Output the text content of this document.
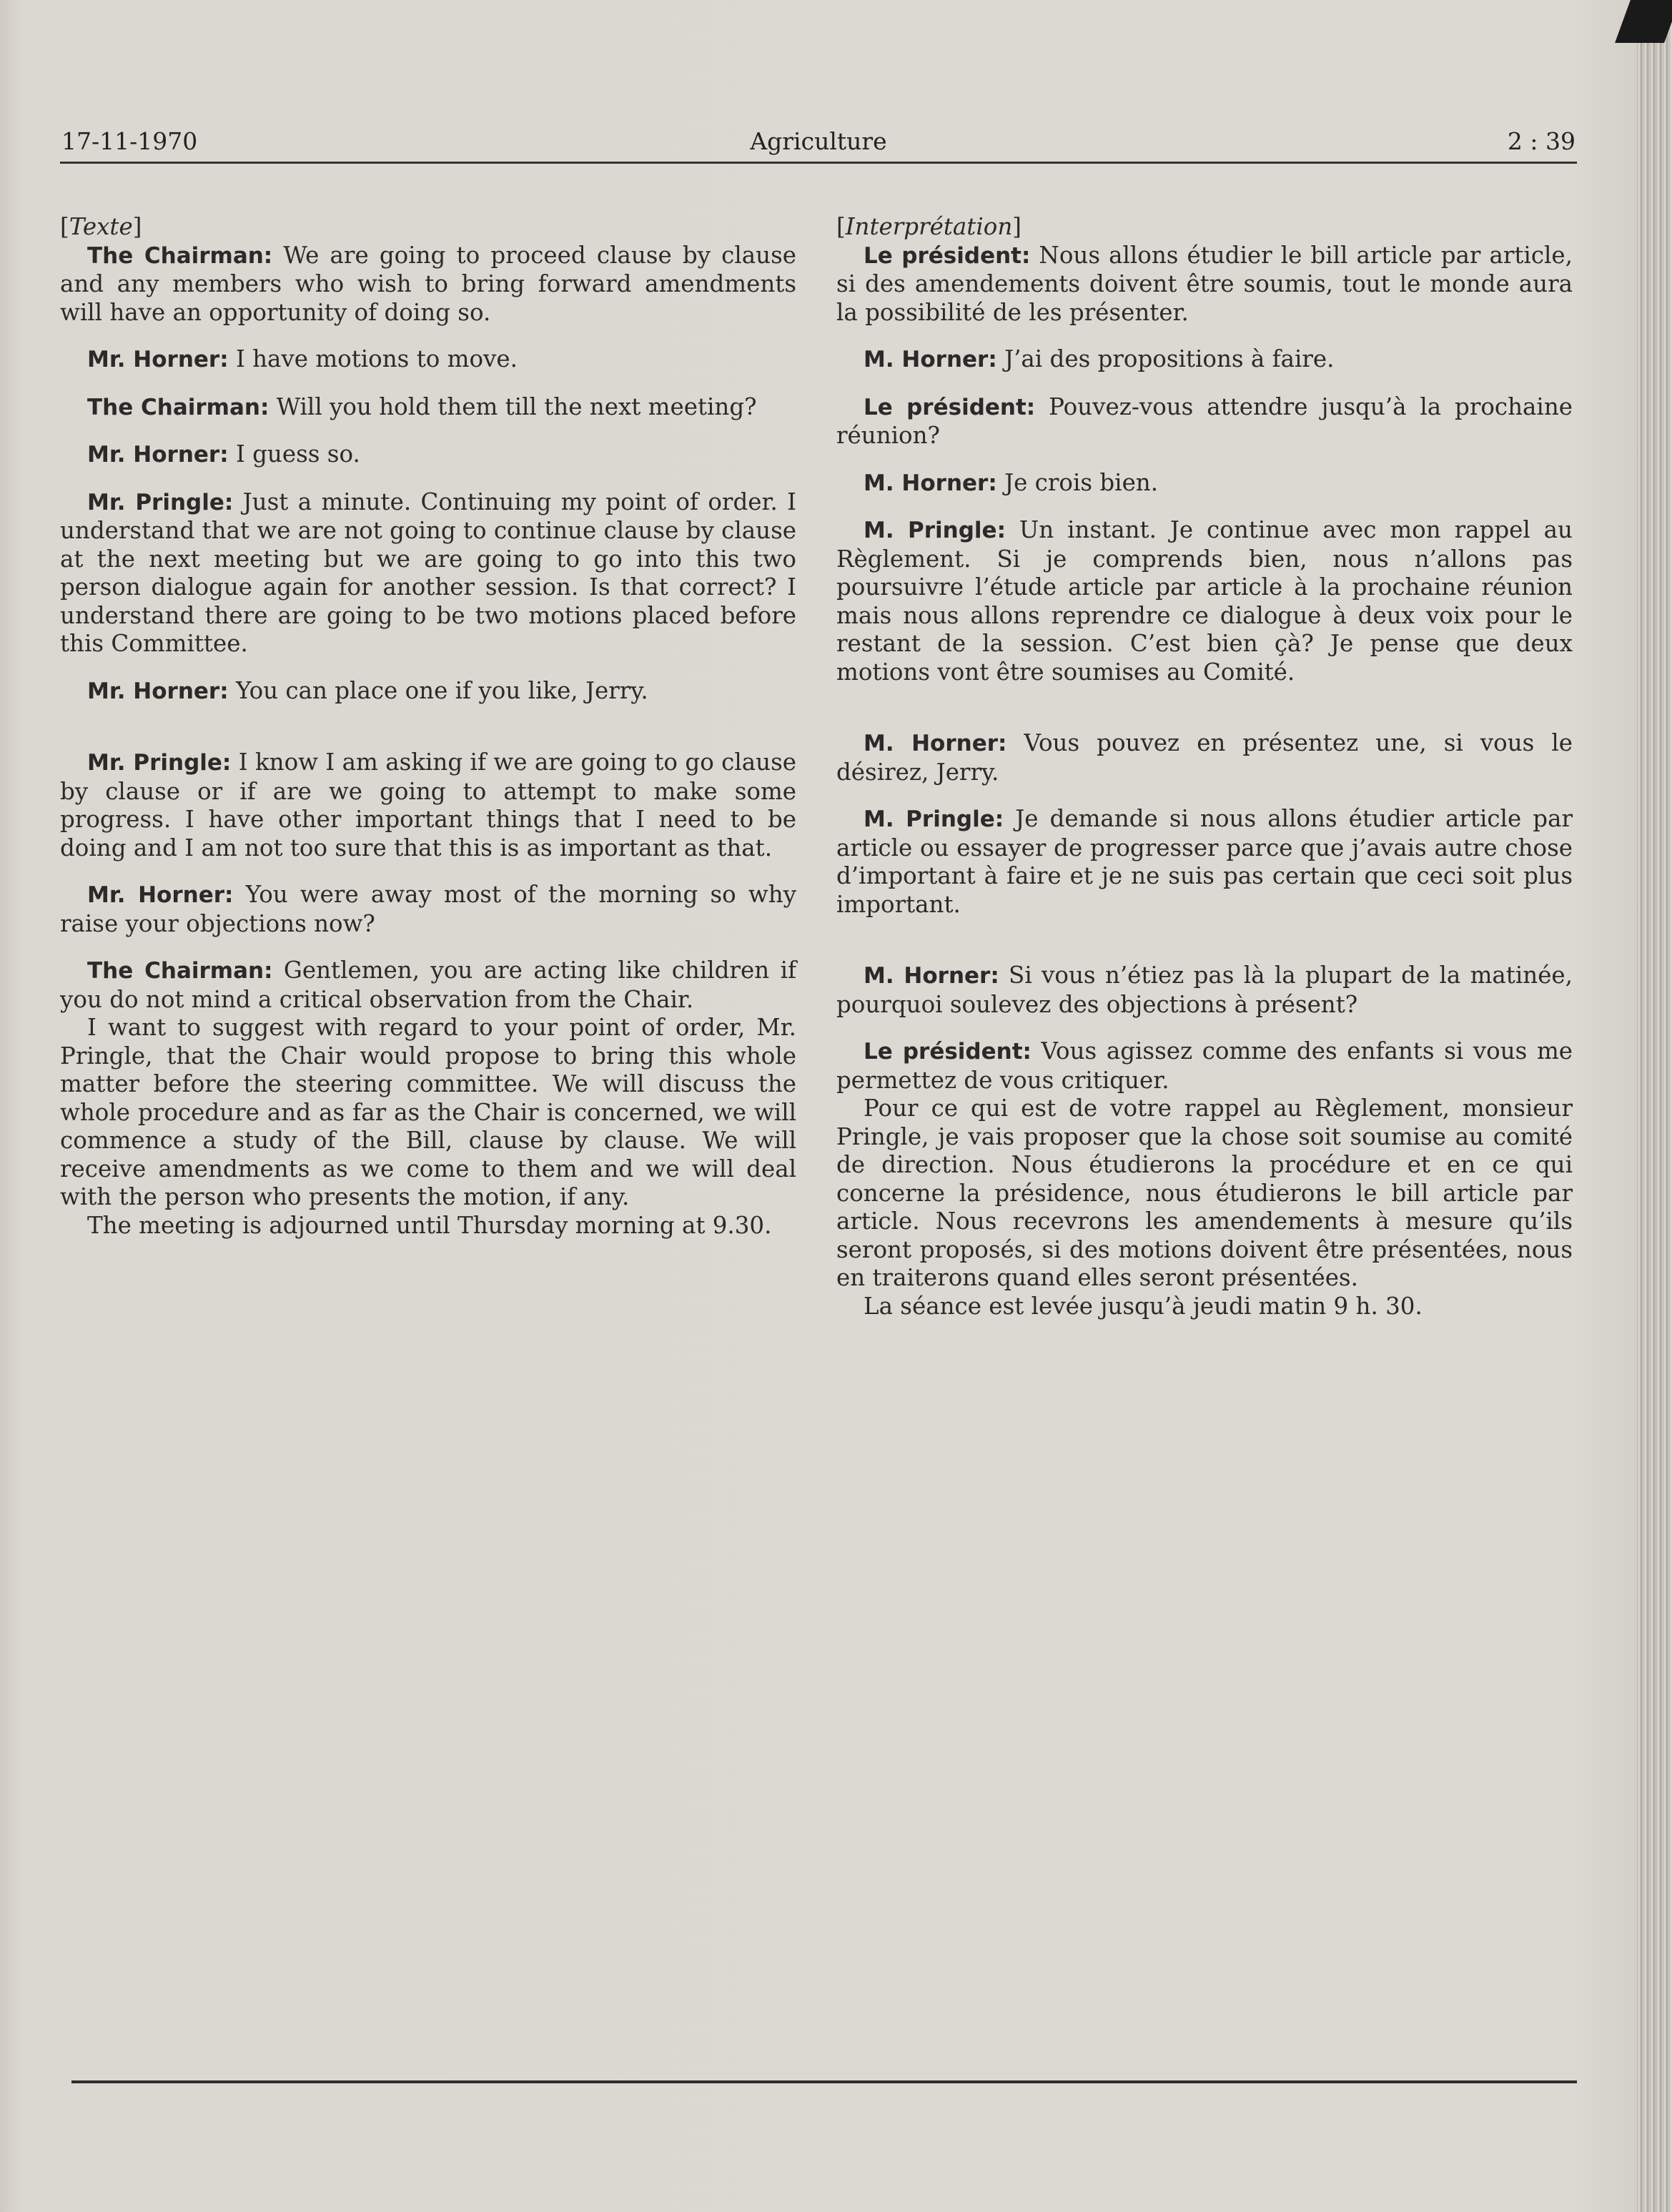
17-11-1970	Agriculture	2 : 39

[Texte]

The Chairman: We are going to proceed clause by clause and any members who wish to bring forward amendments will have an opportunity of doing so.

Mr. Horner: I have motions to move.

The Chairman: Will you hold them till the next meeting?

Mr. Horner: I guess so.

Mr. Pringle: Just a minute. Continuing my point of order. I understand that we are not going to continue clause by clause at the next meeting but we are going to go into this two person dialogue again for another session. Is that correct? I understand there are going to be two motions placed before this Committee.

Mr. Horner: You can place one if you like, Jerry.

Mr. Pringle: I know I am asking if we are going to go clause by clause or if are we going to attempt to make some progress. I have other important things that I need to be doing and I am not too sure that this is as important as that.

Mr. Horner: You were away most of the morning so why raise your objections now?

The Chairman: Gentlemen, you are acting like children if you do not mind a critical observation from the Chair.

I want to suggest with regard to your point of order, Mr. Pringle, that the Chair would propose to bring this whole matter before the steering committee. We will discuss the whole procedure and as far as the Chair is concerned, we will commence a study of the Bill, clause by clause. We will receive amendments as we come to them and we will deal with the person who presents the motion, if any.

The meeting is adjourned until Thursday morning at 9.30.

[Interprétation]

Le président: Nous allons étudier le bill article par article, si des amendements doivent être soumis, tout le monde aura la possibilité de les présenter.

M. Horner: J’ai des propositions à faire.

Le président: Pouvez-vous attendre jusqu’à la prochaine réunion?

M. Horner: Je crois bien.

M. Pringle: Un instant. Je continue avec mon rappel au Règlement. Si je comprends bien, nous n’allons pas poursuivre l’étude article par article à la prochaine réunion mais nous allons reprendre ce dialogue à deux voix pour le restant de la session. C’est bien çà? Je pense que deux motions vont être soumises au Comité.

M. Horner: Vous pouvez en présentez une, si vous le désirez, Jerry.

M. Pringle: Je demande si nous allons étudier article par article ou essayer de progresser parce que j’avais autre chose d’important à faire et je ne suis pas certain que ceci soit plus important.

M. Horner: Si vous n’étiez pas là la plupart de la matinée, pourquoi soulevez des objections à présent?

Le président: Vous agissez comme des enfants si vous me permettez de vous critiquer.

Pour ce qui est de votre rappel au Règlement, monsieur Pringle, je vais proposer que la chose soit soumise au comité de direction. Nous étudierons la procédure et en ce qui concerne la présidence, nous étudierons le bill article par article. Nous recevrons les amendements à mesure qu’ils seront proposés, si des motions doivent être présentées, nous en traiterons quand elles seront présentées.

La séance est levée jusqu’à jeudi matin 9 h. 30.
